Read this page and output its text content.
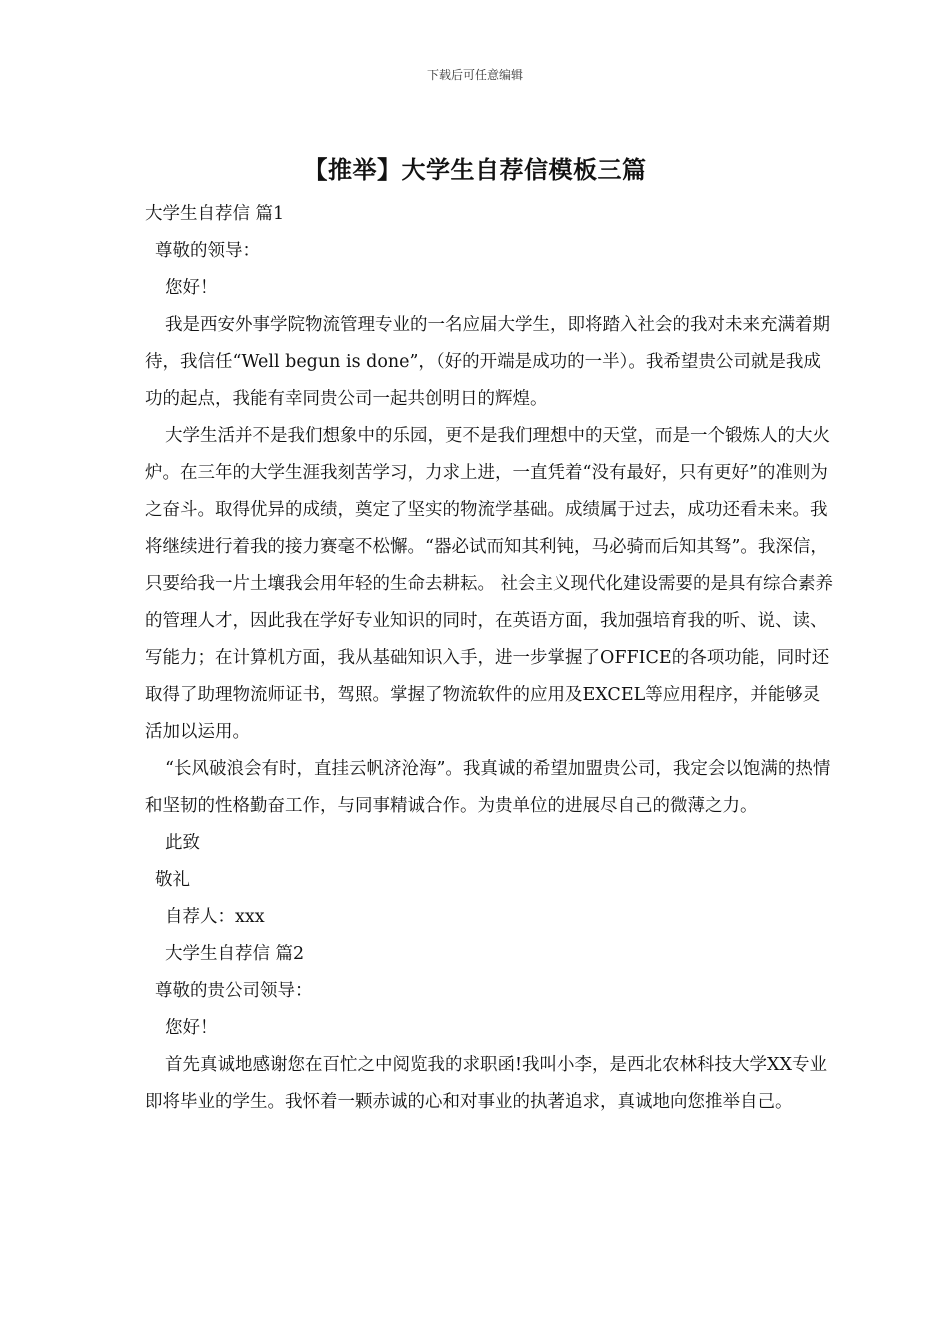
下载后可任意编辑
【推举】大学生自荐信模板三篇

大学生自荐信 篇1

尊敬的领导：

您好！

我是西安外事学院物流管理专业的一名应届大学生，即将踏入社会的我对未来充满着期待，我信任“Well begun is done”，（好的开端是成功的一半）。我希望贵公司就是我成功的起点，我能有幸同贵公司一起共创明日的辉煌。

大学生活并不是我们想象中的乐园，更不是我们理想中的天堂，而是一个锻炼人的大火炉。在三年的大学生涯我刻苦学习，力求上进，一直凭着“没有最好，只有更好”的准则为之奋斗。取得优异的成绩，奠定了坚实的物流学基础。成绩属于过去，成功还看未来。我将继续进行着我的接力赛毫不松懈。“器必试而知其利钝，马必骑而后知其驽”。我深信，只要给我一片土壤我会用年轻的生命去耕耘。 社会主义现代化建设需要的是具有综合素养的管理人才，因此我在学好专业知识的同时，在英语方面，我加强培育我的听、说、读、写能力；在计算机方面，我从基础知识入手，进一步掌握了OFFICE的各项功能，同时还取得了助理物流师证书，驾照。掌握了物流软件的应用及EXCEL等应用程序，并能够灵活加以运用。

“长风破浪会有时，直挂云帆济沧海”。我真诚的希望加盟贵公司，我定会以饱满的热情和坚韧的性格勤奋工作，与同事精诚合作。为贵单位的进展尽自己的微薄之力。

此致

敬礼

自荐人：xxx

大学生自荐信 篇2

尊敬的贵公司领导：

您好！

首先真诚地感谢您在百忙之中阅览我的求职函!我叫小李，是西北农林科技大学XX专业即将毕业的学生。我怀着一颗赤诚的心和对事业的执著追求，真诚地向您推举自己。
